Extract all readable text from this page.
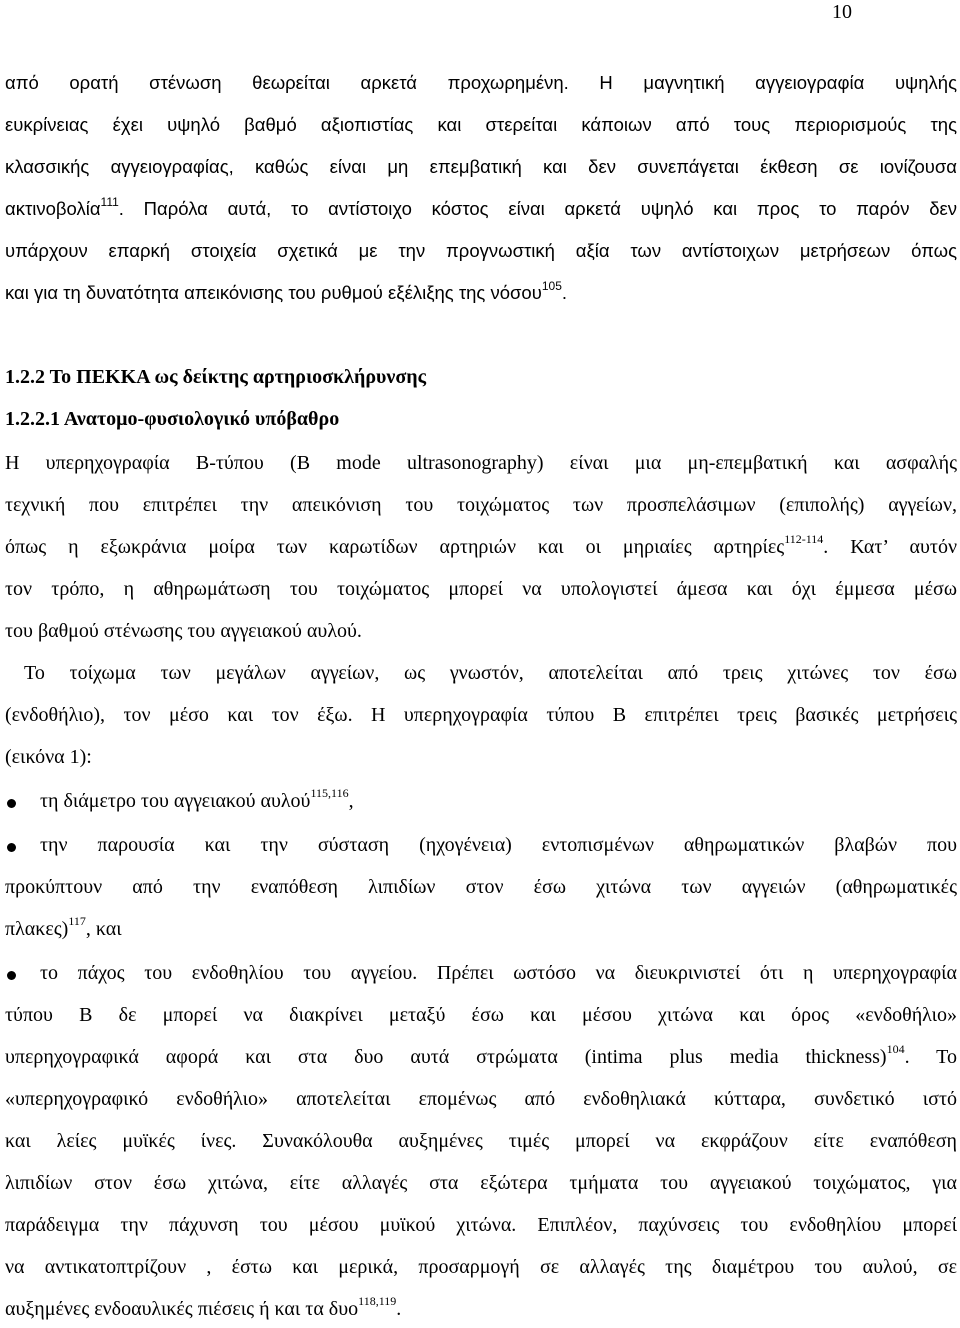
10
από ορατή στένωση θεωρείται αρκετά προχωρημένη. Η μαγνητική αγγειογραφία υψηλής
ευκρίνειας έχει υψηλό βαθμό αξιοπιστίας και στερείται κάποιων από τους περιορισμούς της
κλασσικής αγγειογραφίας, καθώς είναι μη επεμβατική και δεν συνεπάγεται έκθεση σε ιονίζουσα
ακτινοβολία$^{111}$. Παρόλα αυτά, το αντίστοιχο κόστος είναι αρκετά υψηλό και προς το παρόν δεν
υπάρχουν επαρκή στοιχεία σχετικά με την προγνωστική αξία των αντίστοιχων μετρήσεων όπως
και για τη δυνατότητα απεικόνισης του ρυθμού εξέλιξης της νόσου$^{105}$.
1.2.2 Το ΠΕΚΚΑ ως δείκτης αρτηριοσκλήρυνσης
1.2.2.1 Ανατομο-φυσιολογικό υπόβαθρο
Η υπερηχογραφία Β-τύπου (B mode ultrasonography) είναι μια μη-επεμβατική και ασφαλής
τεχνική που επιτρέπει την απεικόνιση του τοιχώματος των προσπελάσιμων (επιπολής) αγγείων,
όπως η εξωκράνια μοίρα των καρωτίδων αρτηριών και οι μηριαίες αρτηρίες$^{112-114}$. Κατ’ αυτόν
τον τρόπο, η αθηρωμάτωση του τοιχώματος μπορεί να υπολογιστεί άμεσα και όχι έμμεσα μέσω
του βαθμού στένωσης του αγγειακού αυλού.
Το τοίχωμα των μεγάλων αγγείων, ως γνωστόν, αποτελείται από τρεις χιτώνες τον έσω
(ενδοθήλιο), τον μέσο και τον έξω. Η υπερηχογραφία τύπου Β επιτρέπει τρεις βασικές μετρήσεις
(εικόνα 1):
τη διάμετρο του αγγειακού αυλού$^{115,116}$,
την παρουσία και την σύσταση (ηχογένεια) εντοπισμένων αθηρωματικών βλαβών που
προκύπτουν από την εναπόθεση λιπιδίων στον έσω χιτώνα των αγγειών (αθηρωματικές
πλακες)$^{117}$, και
το πάχος του ενδοθηλίου του αγγείου. Πρέπει ωστόσο να διευκρινιστεί ότι η υπερηχογραφία
τύπου Β δε μπορεί να διακρίνει μεταξύ έσω και μέσου χιτώνα και όρος «ενδοθήλιο»
υπερηχογραφικά αφορά και στα δυο αυτά στρώματα (intima plus media thickness)$^{104}$. Το
«υπερηχογραφικό ενδοθήλιο» αποτελείται επομένως από ενδοθηλιακά κύτταρα, συνδετικό ιστό
και λείες μυϊκές ίνες. Συνακόλουθα αυξημένες τιμές μπορεί να εκφράζουν είτε εναπόθεση
λιπιδίων στον έσω χιτώνα, είτε αλλαγές στα εξώτερα τμήματα του αγγειακού τοιχώματος, για
παράδειγμα την πάχυνση του μέσου μυϊκού χιτώνα. Επιπλέον, παχύνσεις του ενδοθηλίου μπορεί
να αντικατοπτρίζουν , έστω και μερικά, προσαρμογή σε αλλαγές της διαμέτρου του αυλού, σε
αυξημένες ενδοαυλικές πιέσεις ή και τα δυο$^{118,119}$.
